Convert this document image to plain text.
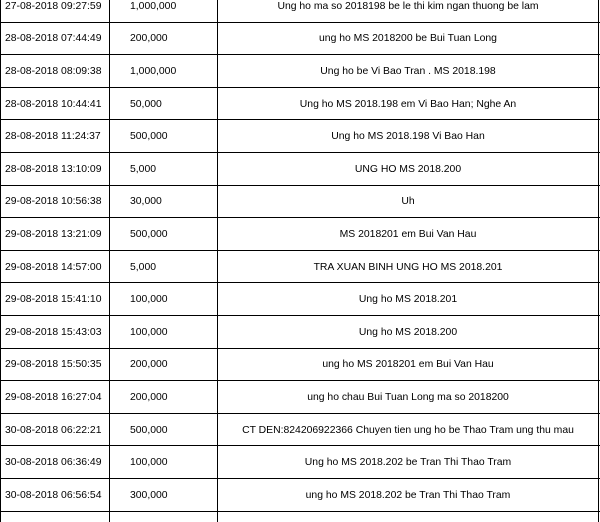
27-08-2018 09:27:59	1,000,000	Ung ho ma so 2018198 be le thi kim ngan thuong be lam
28-08-2018 07:44:49	200,000	ung ho MS 2018200 be Bui Tuan Long
28-08-2018 08:09:38	1,000,000	Ung ho be Vi Bao Tran . MS 2018.198
28-08-2018 10:44:41	50,000	Ung ho MS 2018.198 em Vi Bao Han; Nghe An
28-08-2018 11:24:37	500,000	Ung ho MS 2018.198 Vi Bao Han
28-08-2018 13:10:09	5,000	UNG HO MS 2018.200
29-08-2018 10:56:38	30,000	Uh
29-08-2018 13:21:09	500,000	MS 2018201 em Bui Van Hau
29-08-2018 14:57:00	5,000	TRA XUAN BINH UNG HO MS 2018.201
29-08-2018 15:41:10	100,000	Ung ho MS 2018.201
29-08-2018 15:43:03	100,000	Ung ho MS 2018.200
29-08-2018 15:50:35	200,000	ung ho MS 2018201 em Bui Van Hau
29-08-2018 16:27:04	200,000	ung ho chau Bui Tuan Long ma so 2018200
30-08-2018 06:22:21	500,000	CT DEN:824206922366 Chuyen tien ung ho be Thao Tram ung thu mau
30-08-2018 06:36:49	100,000	Ung ho MS 2018.202 be Tran Thi Thao Tram
30-08-2018 06:56:54	300,000	ung ho MS 2018.202 be Tran Thi Thao Tram
